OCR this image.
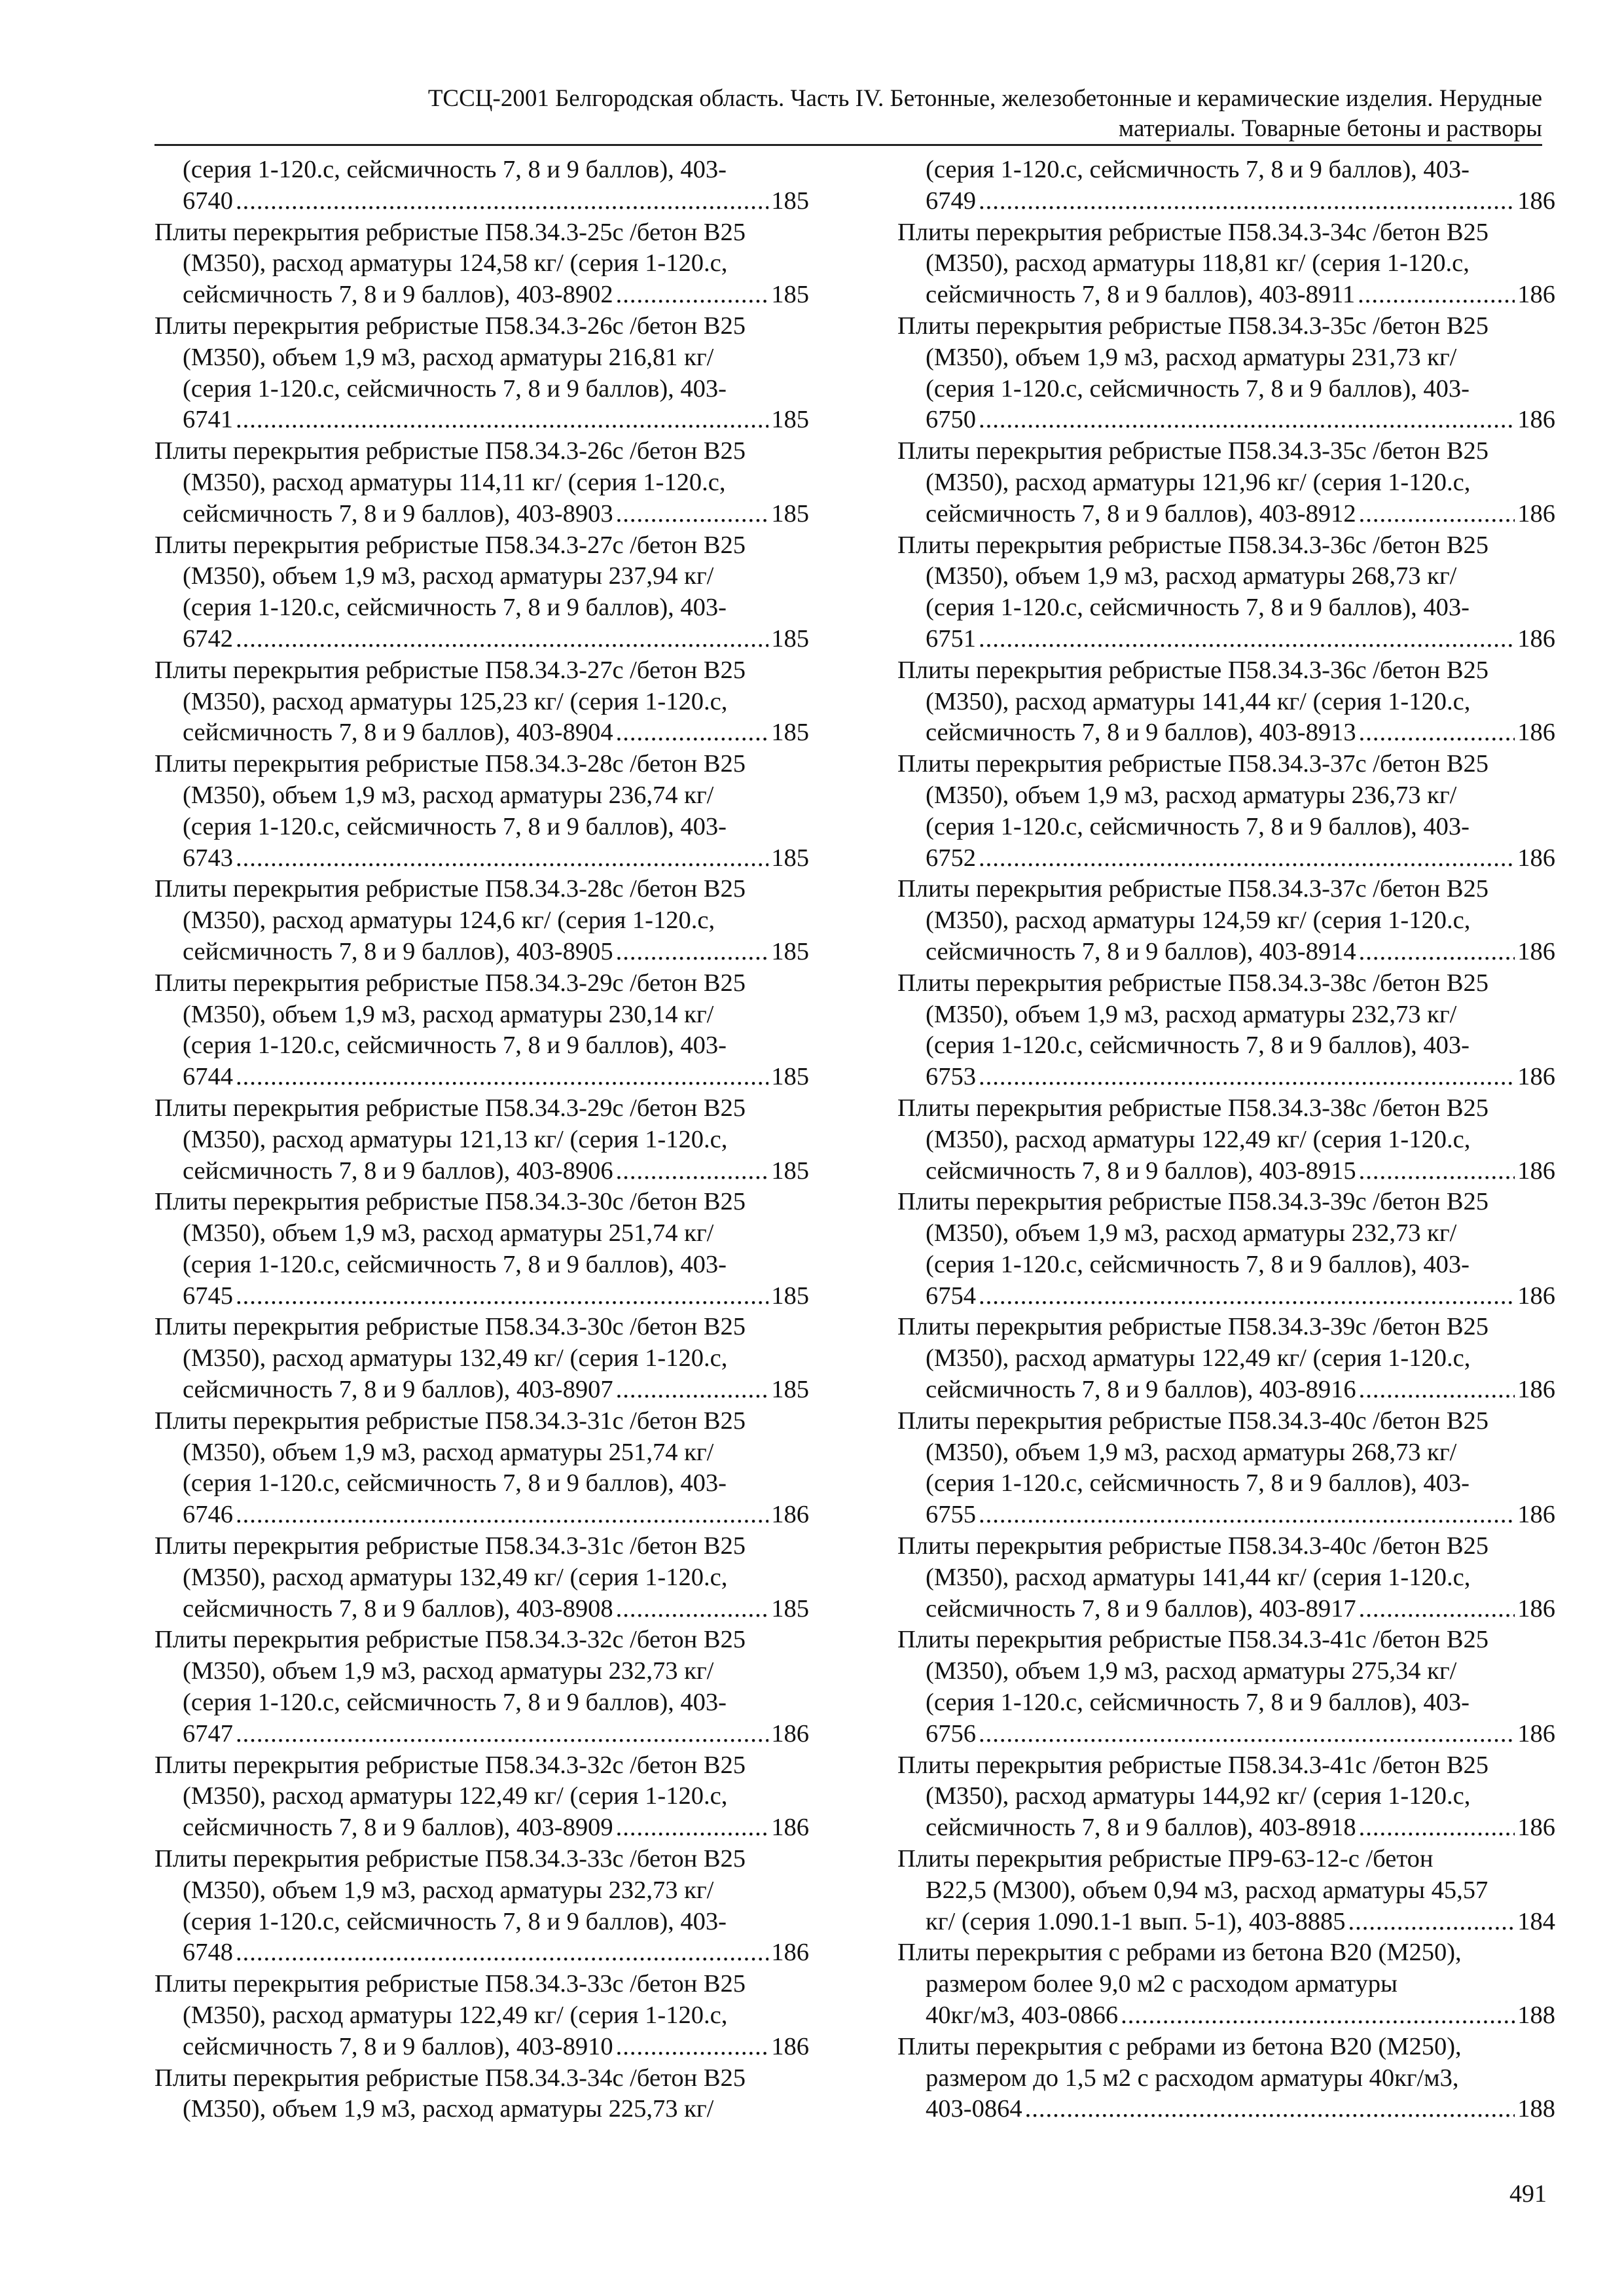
ТССЦ-2001 Белгородская область. Часть IV. Бетонные, железобетонные и керамические изделия. Нерудные
материалы. Товарные бетоны и растворы
(серия 1-120.с, сейсмичность 7, 8 и 9 баллов), 403-
6740 .....	185
Плиты перекрытия ребристые П58.34.3-25с /бетон В25
(М350), расход арматуры 124,58 кг/ (серия 1-120.с,
сейсмичность 7, 8 и 9 баллов), 403-8902 .....	185
Плиты перекрытия ребристые П58.34.3-26с /бетон В25
(М350), объем 1,9 м3, расход арматуры 216,81 кг/
(серия 1-120.с, сейсмичность 7, 8 и 9 баллов), 403-
6741 .....	185
Плиты перекрытия ребристые П58.34.3-26с /бетон В25
(М350), расход арматуры 114,11 кг/ (серия 1-120.с,
сейсмичность 7, 8 и 9 баллов), 403-8903 .....	185
Плиты перекрытия ребристые П58.34.3-27с /бетон В25
(М350), объем 1,9 м3, расход арматуры 237,94 кг/
(серия 1-120.с, сейсмичность 7, 8 и 9 баллов), 403-
6742 .....	185
Плиты перекрытия ребристые П58.34.3-27с /бетон В25
(М350), расход арматуры 125,23 кг/ (серия 1-120.с,
сейсмичность 7, 8 и 9 баллов), 403-8904 .....	185
Плиты перекрытия ребристые П58.34.3-28с /бетон В25
(М350), объем 1,9 м3, расход арматуры 236,74 кг/
(серия 1-120.с, сейсмичность 7, 8 и 9 баллов), 403-
6743 .....	185
Плиты перекрытия ребристые П58.34.3-28с /бетон В25
(М350), расход арматуры 124,6 кг/ (серия 1-120.с,
сейсмичность 7, 8 и 9 баллов), 403-8905 .....	185
Плиты перекрытия ребристые П58.34.3-29с /бетон В25
(М350), объем 1,9 м3, расход арматуры 230,14 кг/
(серия 1-120.с, сейсмичность 7, 8 и 9 баллов), 403-
6744 .....	185
Плиты перекрытия ребристые П58.34.3-29с /бетон В25
(М350), расход арматуры 121,13 кг/ (серия 1-120.с,
сейсмичность 7, 8 и 9 баллов), 403-8906 .....	185
Плиты перекрытия ребристые П58.34.3-30с /бетон В25
(М350), объем 1,9 м3, расход арматуры 251,74 кг/
(серия 1-120.с, сейсмичность 7, 8 и 9 баллов), 403-
6745 .....	185
Плиты перекрытия ребристые П58.34.3-30с /бетон В25
(М350), расход арматуры 132,49 кг/ (серия 1-120.с,
сейсмичность 7, 8 и 9 баллов), 403-8907 .....	185
Плиты перекрытия ребристые П58.34.3-31с /бетон В25
(М350), объем 1,9 м3, расход арматуры 251,74 кг/
(серия 1-120.с, сейсмичность 7, 8 и 9 баллов), 403-
6746 .....	186
Плиты перекрытия ребристые П58.34.3-31с /бетон В25
(М350), расход арматуры 132,49 кг/ (серия 1-120.с,
сейсмичность 7, 8 и 9 баллов), 403-8908 .....	185
Плиты перекрытия ребристые П58.34.3-32с /бетон В25
(М350), объем 1,9 м3, расход арматуры 232,73 кг/
(серия 1-120.с, сейсмичность 7, 8 и 9 баллов), 403-
6747 .....	186
Плиты перекрытия ребристые П58.34.3-32с /бетон В25
(М350), расход арматуры 122,49 кг/ (серия 1-120.с,
сейсмичность 7, 8 и 9 баллов), 403-8909 .....	186
Плиты перекрытия ребристые П58.34.3-33с /бетон В25
(М350), объем 1,9 м3, расход арматуры 232,73 кг/
(серия 1-120.с, сейсмичность 7, 8 и 9 баллов), 403-
6748 .....	186
Плиты перекрытия ребристые П58.34.3-33с /бетон В25
(М350), расход арматуры 122,49 кг/ (серия 1-120.с,
сейсмичность 7, 8 и 9 баллов), 403-8910 .....	186
Плиты перекрытия ребристые П58.34.3-34с /бетон В25
(М350), объем 1,9 м3, расход арматуры 225,73 кг/
(серия 1-120.с, сейсмичность 7, 8 и 9 баллов), 403-
6749 .....	186
Плиты перекрытия ребристые П58.34.3-34с /бетон В25
(М350), расход арматуры 118,81 кг/ (серия 1-120.с,
сейсмичность 7, 8 и 9 баллов), 403-8911 .....	186
Плиты перекрытия ребристые П58.34.3-35с /бетон В25
(М350), объем 1,9 м3, расход арматуры 231,73 кг/
(серия 1-120.с, сейсмичность 7, 8 и 9 баллов), 403-
6750 .....	186
Плиты перекрытия ребристые П58.34.3-35с /бетон В25
(М350), расход арматуры 121,96 кг/ (серия 1-120.с,
сейсмичность 7, 8 и 9 баллов), 403-8912 .....	186
Плиты перекрытия ребристые П58.34.3-36с /бетон В25
(М350), объем 1,9 м3, расход арматуры 268,73 кг/
(серия 1-120.с, сейсмичность 7, 8 и 9 баллов), 403-
6751 .....	186
Плиты перекрытия ребристые П58.34.3-36с /бетон В25
(М350), расход арматуры 141,44 кг/ (серия 1-120.с,
сейсмичность 7, 8 и 9 баллов), 403-8913 .....	186
Плиты перекрытия ребристые П58.34.3-37с /бетон В25
(М350), объем 1,9 м3, расход арматуры 236,73 кг/
(серия 1-120.с, сейсмичность 7, 8 и 9 баллов), 403-
6752 .....	186
Плиты перекрытия ребристые П58.34.3-37с /бетон В25
(М350), расход арматуры 124,59 кг/ (серия 1-120.с,
сейсмичность 7, 8 и 9 баллов), 403-8914 .....	186
Плиты перекрытия ребристые П58.34.3-38с /бетон В25
(М350), объем 1,9 м3, расход арматуры 232,73 кг/
(серия 1-120.с, сейсмичность 7, 8 и 9 баллов), 403-
6753 .....	186
Плиты перекрытия ребристые П58.34.3-38с /бетон В25
(М350), расход арматуры 122,49 кг/ (серия 1-120.с,
сейсмичность 7, 8 и 9 баллов), 403-8915 .....	186
Плиты перекрытия ребристые П58.34.3-39с /бетон В25
(М350), объем 1,9 м3, расход арматуры 232,73 кг/
(серия 1-120.с, сейсмичность 7, 8 и 9 баллов), 403-
6754 .....	186
Плиты перекрытия ребристые П58.34.3-39с /бетон В25
(М350), расход арматуры 122,49 кг/ (серия 1-120.с,
сейсмичность 7, 8 и 9 баллов), 403-8916 .....	186
Плиты перекрытия ребристые П58.34.3-40с /бетон В25
(М350), объем 1,9 м3, расход арматуры 268,73 кг/
(серия 1-120.с, сейсмичность 7, 8 и 9 баллов), 403-
6755 .....	186
Плиты перекрытия ребристые П58.34.3-40с /бетон В25
(М350), расход арматуры 141,44 кг/ (серия 1-120.с,
сейсмичность 7, 8 и 9 баллов), 403-8917 .....	186
Плиты перекрытия ребристые П58.34.3-41с /бетон В25
(М350), объем 1,9 м3, расход арматуры 275,34 кг/
(серия 1-120.с, сейсмичность 7, 8 и 9 баллов), 403-
6756 .....	186
Плиты перекрытия ребристые П58.34.3-41с /бетон В25
(М350), расход арматуры 144,92 кг/ (серия 1-120.с,
сейсмичность 7, 8 и 9 баллов), 403-8918 .....	186
Плиты перекрытия ребристые ПР9-63-12-с /бетон
В22,5 (М300), объем 0,94 м3, расход арматуры 45,57
кг/ (серия 1.090.1-1 вып. 5-1), 403-8885 .....	184
Плиты перекрытия с ребрами из бетона В20 (М250),
размером более 9,0 м2 с расходом арматуры
40кг/м3, 403-0866 .....	188
Плиты перекрытия с ребрами из бетона В20 (М250),
размером до 1,5 м2 с расходом арматуры 40кг/м3,
403-0864 .....	188
491
